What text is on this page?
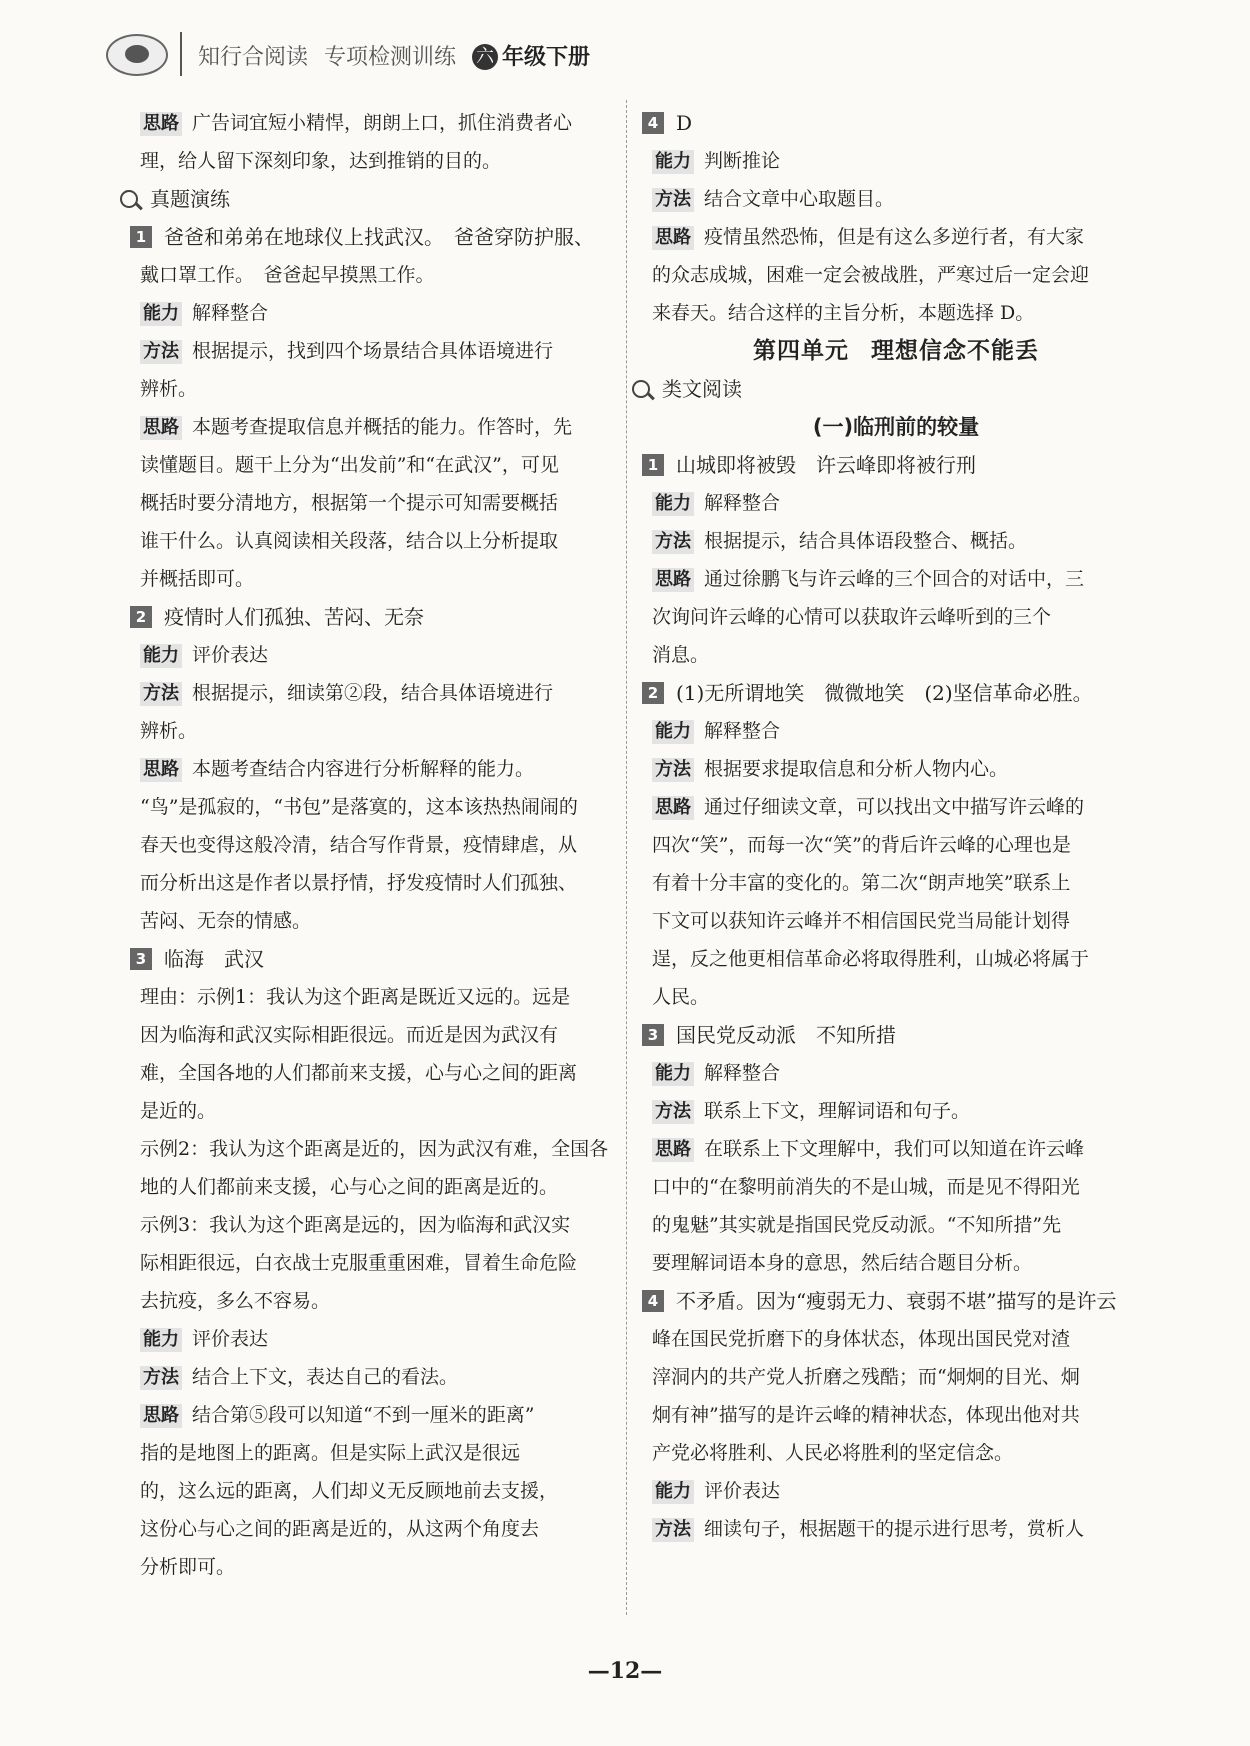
知行合阅读 专项检测训练 六 年级下册

思路 广告词宜短小精悍，朗朗上口，抓住消费者心

理，给人留下深刻印象，达到推销的目的。

真题演练

1 爸爸和弟弟在地球仪上找武汉。　爸爸穿防护服、

戴口罩工作。　爸爸起早摸黑工作。

能力 解释整合

方法 根据提示，找到四个场景结合具体语境进行

辨析。

思路 本题考查提取信息并概括的能力。作答时，先

读懂题目。题干上分为“出发前”和“在武汉”，可见

概括时要分清地方，根据第一个提示可知需要概括

谁干什么。认真阅读相关段落，结合以上分析提取

并概括即可。

2 疫情时人们孤独、苦闷、无奈

能力 评价表达

方法 根据提示，细读第②段，结合具体语境进行

辨析。

思路 本题考查结合内容进行分析解释的能力。

“鸟”是孤寂的，“书包”是落寞的，这本该热热闹闹的

春天也变得这般冷清，结合写作背景，疫情肆虐，从

而分析出这是作者以景抒情，抒发疫情时人们孤独、

苦闷、无奈的情感。

3 临海　武汉

理由：示例1：我认为这个距离是既近又远的。远是

因为临海和武汉实际相距很远。而近是因为武汉有

难，全国各地的人们都前来支援，心与心之间的距离

是近的。

示例2：我认为这个距离是近的，因为武汉有难，全国各

地的人们都前来支援，心与心之间的距离是近的。

示例3：我认为这个距离是远的，因为临海和武汉实

际相距很远，白衣战士克服重重困难，冒着生命危险

去抗疫，多么不容易。

能力 评价表达

方法 结合上下文，表达自己的看法。

思路 结合第⑤段可以知道“不到一厘米的距离”

指的是地图上的距离。但是实际上武汉是很远

的，这么远的距离，人们却义无反顾地前去支援，

这份心与心之间的距离是近的，从这两个角度去

分析即可。

4 D

能力 判断推论

方法 结合文章中心取题目。

思路 疫情虽然恐怖，但是有这么多逆行者，有大家

的众志成城，困难一定会被战胜，严寒过后一定会迎

来春天。结合这样的主旨分析，本题选择 D。

第四单元 理想信念不能丢

类文阅读

(一)临刑前的较量

1 山城即将被毁　许云峰即将被行刑

能力 解释整合

方法 根据提示，结合具体语段整合、概括。

思路 通过徐鹏飞与许云峰的三个回合的对话中，三

次询问许云峰的心情可以获取许云峰听到的三个

消息。

2 (1)无所谓地笑　微微地笑　(2)坚信革命必胜。

能力 解释整合

方法 根据要求提取信息和分析人物内心。

思路 通过仔细读文章，可以找出文中描写许云峰的

四次“笑”，而每一次“笑”的背后许云峰的心理也是

有着十分丰富的变化的。第二次“朗声地笑”联系上

下文可以获知许云峰并不相信国民党当局能计划得

逞，反之他更相信革命必将取得胜利，山城必将属于

人民。

3 国民党反动派　不知所措

能力 解释整合

方法 联系上下文，理解词语和句子。

思路 在联系上下文理解中，我们可以知道在许云峰

口中的“在黎明前消失的不是山城，而是见不得阳光

的鬼魅”其实就是指国民党反动派。“不知所措”先

要理解词语本身的意思，然后结合题目分析。

4 不矛盾。因为“瘦弱无力、衰弱不堪”描写的是许云

峰在国民党折磨下的身体状态，体现出国民党对渣

滓洞内的共产党人折磨之残酷；而“炯炯的目光、炯

炯有神”描写的是许云峰的精神状态，体现出他对共

产党必将胜利、人民必将胜利的坚定信念。

能力 评价表达

方法 细读句子，根据题干的提示进行思考，赏析人

—12—
